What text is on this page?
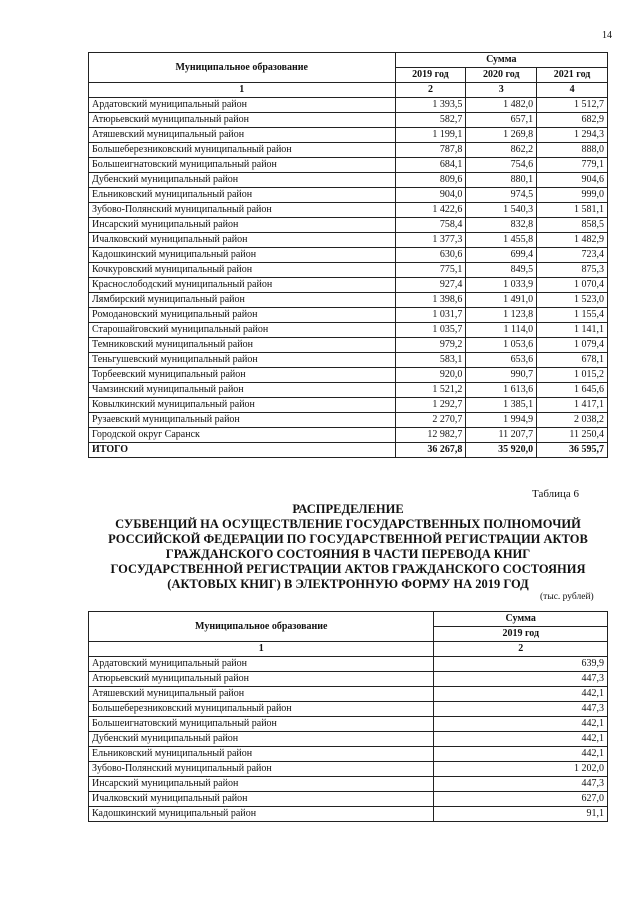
14
Муниципальное образование	Сумма		
	2019 год	2020 год	2021 год
1	2	3	4
Ардатовский муниципальный район	1 393,5	1 482,0	1 512,7
Атюрьевский муниципальный район	582,7	657,1	682,9
Атяшевский муниципальный район	1 199,1	1 269,8	1 294,3
Большеберезниковский муниципальный район	787,8	862,2	888,0
Большеигнатовский муниципальный район	684,1	754,6	779,1
Дубенский муниципальный район	809,6	880,1	904,6
Ельниковский муниципальный район	904,0	974,5	999,0
Зубово-Полянский муниципальный район	1 422,6	1 540,3	1 581,1
Инсарский муниципальный район	758,4	832,8	858,5
Ичалковский муниципальный район	1 377,3	1 455,8	1 482,9
Кадошкинский муниципальный район	630,6	699,4	723,4
Кочкуровский муниципальный район	775,1	849,5	875,3
Краснослободский муниципальный район	927,4	1 033,9	1 070,4
Лямбирский муниципальный район	1 398,6	1 491,0	1 523,0
Ромодановский муниципальный район	1 031,7	1 123,8	1 155,4
Старошайговский муниципальный район	1 035,7	1 114,0	1 141,1
Темниковский муниципальный район	979,2	1 053,6	1 079,4
Теньгушевский муниципальный район	583,1	653,6	678,1
Торбеевский муниципальный район	920,0	990,7	1 015,2
Чамзинский муниципальный район	1 521,2	1 613,6	1 645,6
Ковылкинский муниципальный район	1 292,7	1 385,1	1 417,1
Рузаевский муниципальный район	2 270,7	1 994,9	2 038,2
Городской округ Саранск	12 982,7	11 207,7	11 250,4
ИТОГО	36 267,8	35 920,0	36 595,7
Таблица 6
РАСПРЕДЕЛЕНИЕ
СУБВЕНЦИЙ НА ОСУЩЕСТВЛЕНИЕ ГОСУДАРСТВЕННЫХ ПОЛНОМОЧИЙ
РОССИЙСКОЙ ФЕДЕРАЦИИ ПО ГОСУДАРСТВЕННОЙ РЕГИСТРАЦИИ АКТОВ
ГРАЖДАНСКОГО СОСТОЯНИЯ В ЧАСТИ ПЕРЕВОДА КНИГ
ГОСУДАРСТВЕННОЙ РЕГИСТРАЦИИ АКТОВ ГРАЖДАНСКОГО СОСТОЯНИЯ
(АКТОВЫХ КНИГ) В ЭЛЕКТРОННУЮ ФОРМУ НА 2019 ГОД
(тыс. рублей)
Муниципальное образование	Сумма
	2019 год
1	2
Ардатовский муниципальный район	639,9
Атюрьевский муниципальный район	447,3
Атяшевский муниципальный район	442,1
Большеберезниковский муниципальный район	447,3
Большеигнатовский муниципальный район	442,1
Дубенский муниципальный район	442,1
Ельниковский муниципальный район	442,1
Зубово-Полянский муниципальный район	1 202,0
Инсарский муниципальный район	447,3
Ичалковский муниципальный район	627,0
Кадошкинский муниципальный район	91,1
